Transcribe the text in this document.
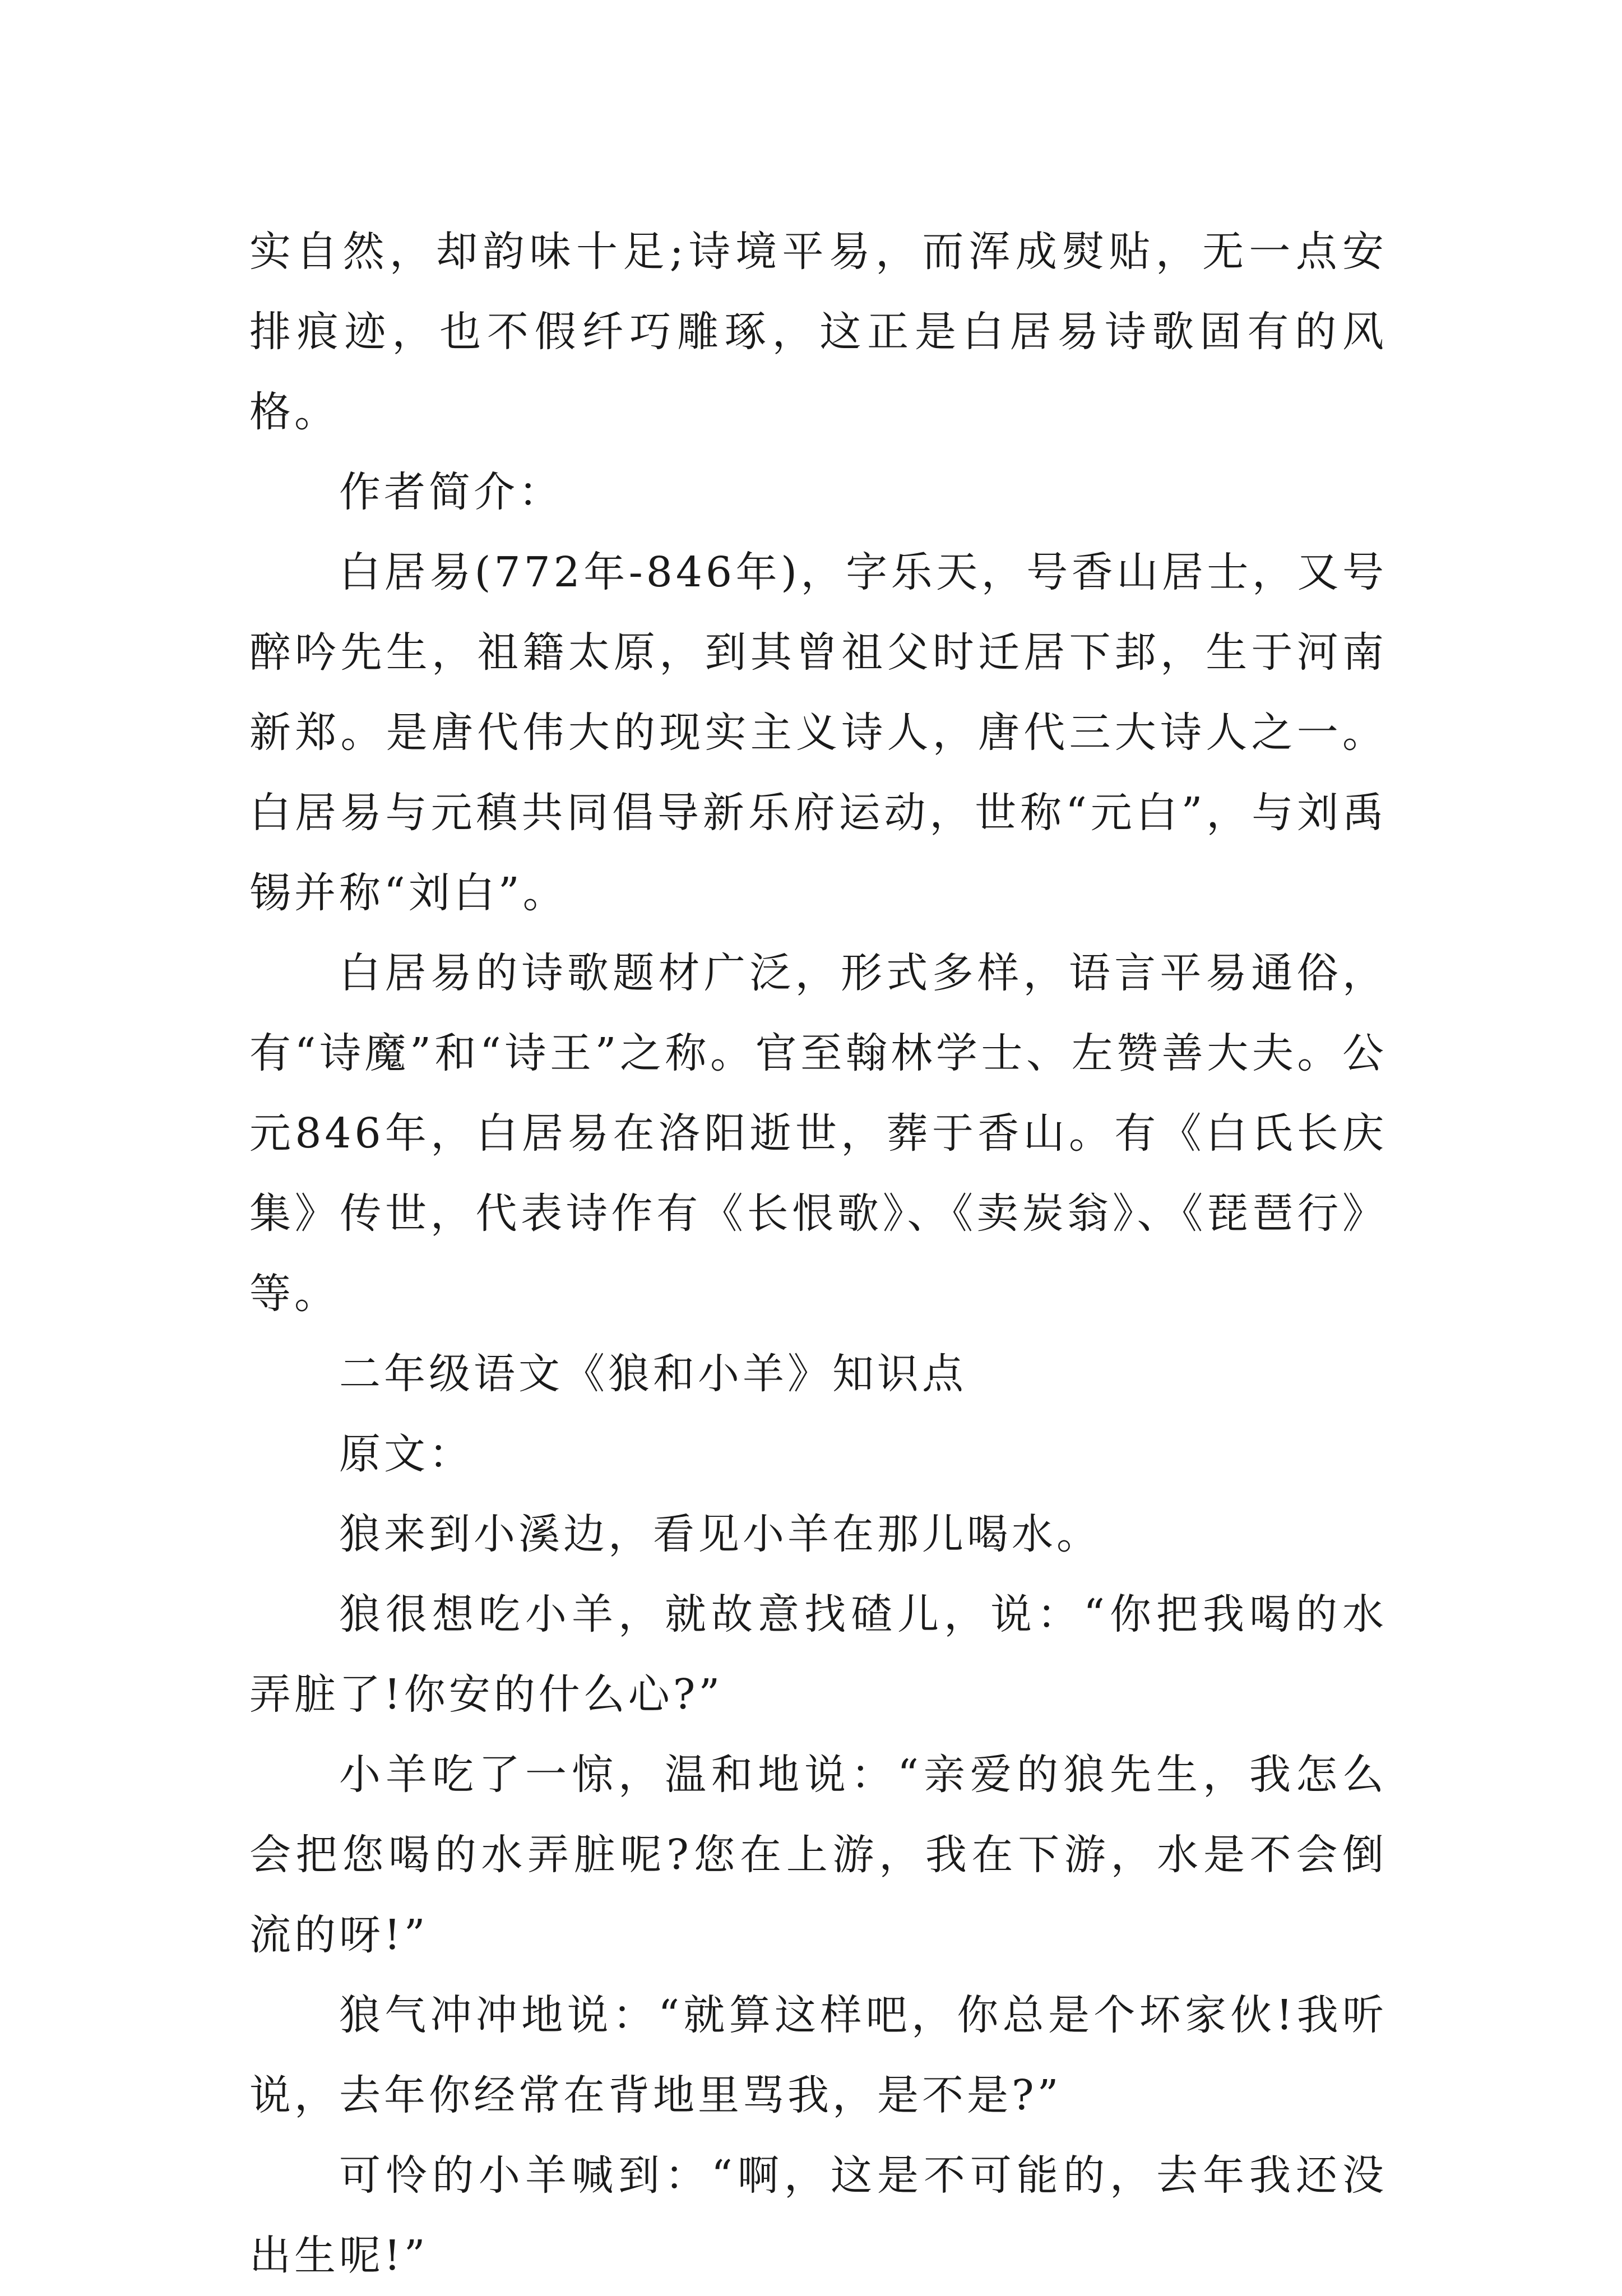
实自然，却韵味十足;诗境平易，而浑成熨贴，无一点安排痕迹，也不假纤巧雕琢，这正是白居易诗歌固有的风格。

作者简介：

白居易(772年-846年)，字乐天，号香山居士，又号醉吟先生，祖籍太原，到其曾祖父时迁居下邽，生于河南新郑。是唐代伟大的现实主义诗人，唐代三大诗人之一。白居易与元稹共同倡导新乐府运动，世称“元白”，与刘禹锡并称“刘白”。

白居易的诗歌题材广泛，形式多样，语言平易通俗，有“诗魔”和“诗王”之称。官至翰林学士、左赞善大夫。公元846年，白居易在洛阳逝世，葬于香山。有《白氏长庆集》传世，代表诗作有《长恨歌》、《卖炭翁》、《琵琶行》等。

二年级语文《狼和小羊》知识点

原文：

狼来到小溪边，看见小羊在那儿喝水。

狼很想吃小羊，就故意找碴儿，说：“你把我喝的水弄脏了!你安的什么心?”

小羊吃了一惊，温和地说：“亲爱的狼先生，我怎么会把您喝的水弄脏呢?您在上游，我在下游，水是不会倒流的呀!”

狼气冲冲地说：“就算这样吧，你总是个坏家伙!我听说，去年你经常在背地里骂我，是不是?”

可怜的小羊喊到：“啊，这是不可能的，去年我还没出生呢!”
